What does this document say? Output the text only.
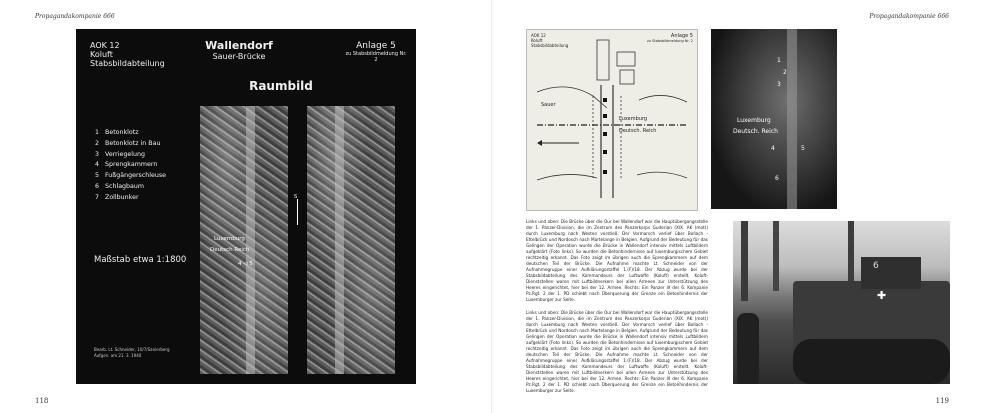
Propagandakompanie 666	Propagandakompanie 666
118	119
AOK 12
Koluft
Stabsbildabteilung
Wallendorf
Sauer-Brücke
Anlage 5
zu Stabsbildmeldung Nr. 2
Raumbild
1 Betonklotz
2 Betonklotz in Bau
3 Verriegelung
4 Sprengkammern
5 Fußgängerschleuse
6 Schlagbaum
7 Zollbunker
Maßstab etwa 1:1800
Bearb. Lt. Schneider, 10/7/Sanierberg
Aufgen. am 21. 3. 1940
Luxemburg
Deutsch Reich
4 ◁ 5
S
AOK 12
Koluft
Stabsbildabteilung
Anlage 5
zu Stabsbildmeldung Nr. 2
Sauer
Luxemburg
Deutsch. Reich
Luxemburg
Deutsch. Reich
1
2
3
4	5
6
✚
6
Links und oben: Die Brücke über die Our bei Wallendorf war die Hauptübergangsstelle der 1. Panzer-Division, die im Zentrum des Panzerkorps Guderian (XIX. AK (mot)) durch Luxemburg nach Westen vorstieß. Der Vormarsch verlief über Bollach - Ettelbrück und Nordosch nach Martelange in Belgien. Aufgrund der Bedeutung für das Gelingen der Operation wurde die Brücke in Wallendorf intensiv mittels Luftbildern aufgeklärt (Foto links). So wurden die Betonhindernisse auf luxemburgischem Gebiet rechtzeitig erkannt. Das Foto zeigt im übrigen auch die Sprengkammern auf dem deutschen Teil der Brücke. Die Aufnahme machte Lt. Schneider von der Aufnahmegruppe einer Aufklärungsstaffel 1.(F)/18. Der Abzug wurde bei der Stabsbildabteilung des Kommandeurs der Luftwaffe (Koluft) erstellt. Koluft-Dienststellen waren mit Luftbildnerkern bei allen Armeen zur Unterstützung des Heeres eingerichtet, hier bei der 12. Armee. Rechts: Ein Panzer III der 6. Kompanie Pz.Rgt. 2 der 1. PD schiebt nach Überquerung der Grenze ein Betonhindernis der Luxemburger zur Seite.
Links und oben: Die Brücke über die Our bei Wallendorf war die Hauptübergangsstelle der 1. Panzer-Division, die im Zentrum des Panzerkorps Guderian (XIX. AK (mot)) durch Luxemburg nach Westen vorstieß. Der Vormarsch verlief über Bollach - Ettelbrück und Nordosch nach Martelange in Belgien. Aufgrund der Bedeutung für das Gelingen der Operation wurde die Brücke in Wallendorf intensiv mittels Luftbildern aufgeklärt (Foto links). So wurden die Betonhindernisse auf luxemburgischem Gebiet rechtzeitig erkannt. Das Foto zeigt im übrigen auch die Sprengkammern auf dem deutschen Teil der Brücke. Die Aufnahme machte Lt. Schneider von der Aufnahmegruppe einer Aufklärungsstaffel 1.(F)/18. Der Abzug wurde bei der Stabsbildabteilung des Kommandeurs der Luftwaffe (Koluft) erstellt. Koluft-Dienststellen waren mit Luftbildnerkern bei allen Armeen zur Unterstützung des Heeres eingerichtet, hier bei der 12. Armee. Rechts: Ein Panzer III der 6. Kompanie Pz.Rgt. 2 der 1. PD schiebt nach Überquerung der Grenze ein Betonhindernis der Luxemburger zur Seite.
